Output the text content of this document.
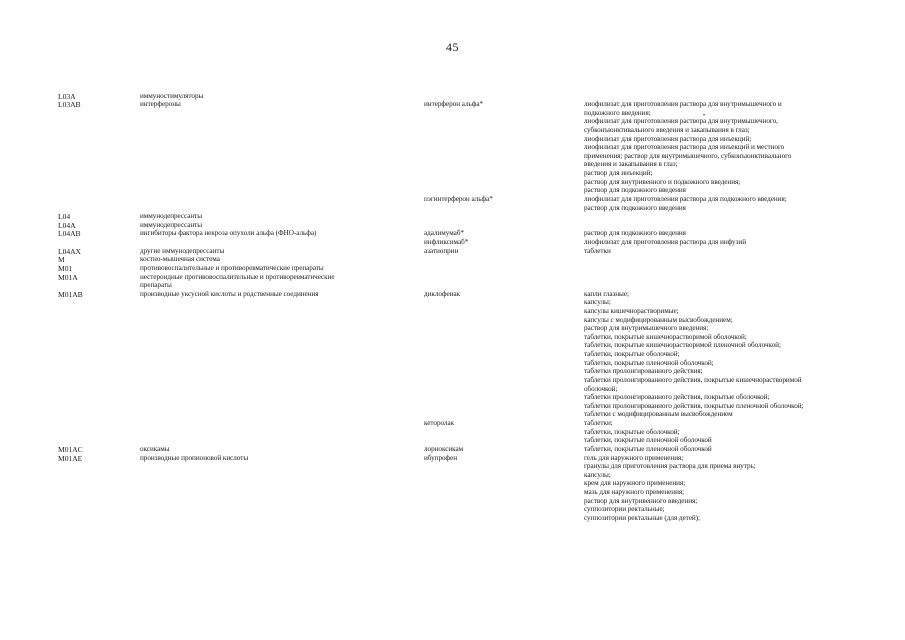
45
•
L03A	иммуностимуляторы
L03AB	интерфероны	интерферон альфа*	лиофилизат для приготовления раствора для внутримышечного и
подкожного введения;
лиофилизат для приготовления раствора для внутримышечного,
субконъюнктивального введения и закапывания в глаз;
лиофилизат для приготовления раствора для инъекций;
лиофилизат для приготовления раствора для инъекций и местного
применения; раствор для внутримышечного, субконъюнктивального
введения и закапывания в глаз;
раствор для инъекций;
раствор для внутривенного и подкожного введения;
раствор для подкожного введения
пэгинтерферон альфа*	лиофилизат для приготовления раствора для подкожного введения;
раствор для подкожного введения
L04	иммунодепрессанты
L04A	иммунодепрессанты
L04AB	ингибиторы фактора некроза опухоли альфа (ФНО-альфа)	адалимумаб*	раствор для подкожного введения
инфликсимаб*	лиофилизат для приготовления раствора для инфузий
L04AX	другие иммунодепрессанты	азатиоприн	таблетки
M	костно-мышечная система
M01	противовоспалительные и противоревматические препараты
M01A	нестероидные противовоспалительные и противоревматические
препараты
M01AB	производные уксусной кислоты и родственные соединения	диклофенак	капли глазные;
капсулы;
капсулы кишечнорастворимые;
капсулы с модифицированным высвобождением;
раствор для внутримышечного введения;
таблетки, покрытые кишечнорастворимой оболочкой;
таблетки, покрытые кишечнорастворимой пленочной оболочкой;
таблетки, покрытые оболочкой;
таблетки, покрытые пленочной оболочкой;
таблетки пролонгированного действия;
таблетки пролонгированного действия, покрытые кишечнорастворимой
оболочкой;
таблетки пролонгированного действия, покрытые оболочкой;
таблетки пролонгированного действия, покрытые пленочной оболочкой;
таблетки с модифицированным высвобождением
кеторолак	таблетки;
таблетки, покрытые оболочкой;
таблетки, покрытые пленочной оболочкой
M01AC	оксикамы	лорноксикам	таблетки, покрытые пленочной оболочкой
M01AE	производные пропионовой кислоты	ибупрофен	гель для наружного применения;
гранулы для приготовления раствора для приема внутрь;
капсулы;
крем для наружного применения;
мазь для наружного применения;
раствор для внутривенного введения;
суппозитории ректальные;
суппозитории ректальные (для детей);
